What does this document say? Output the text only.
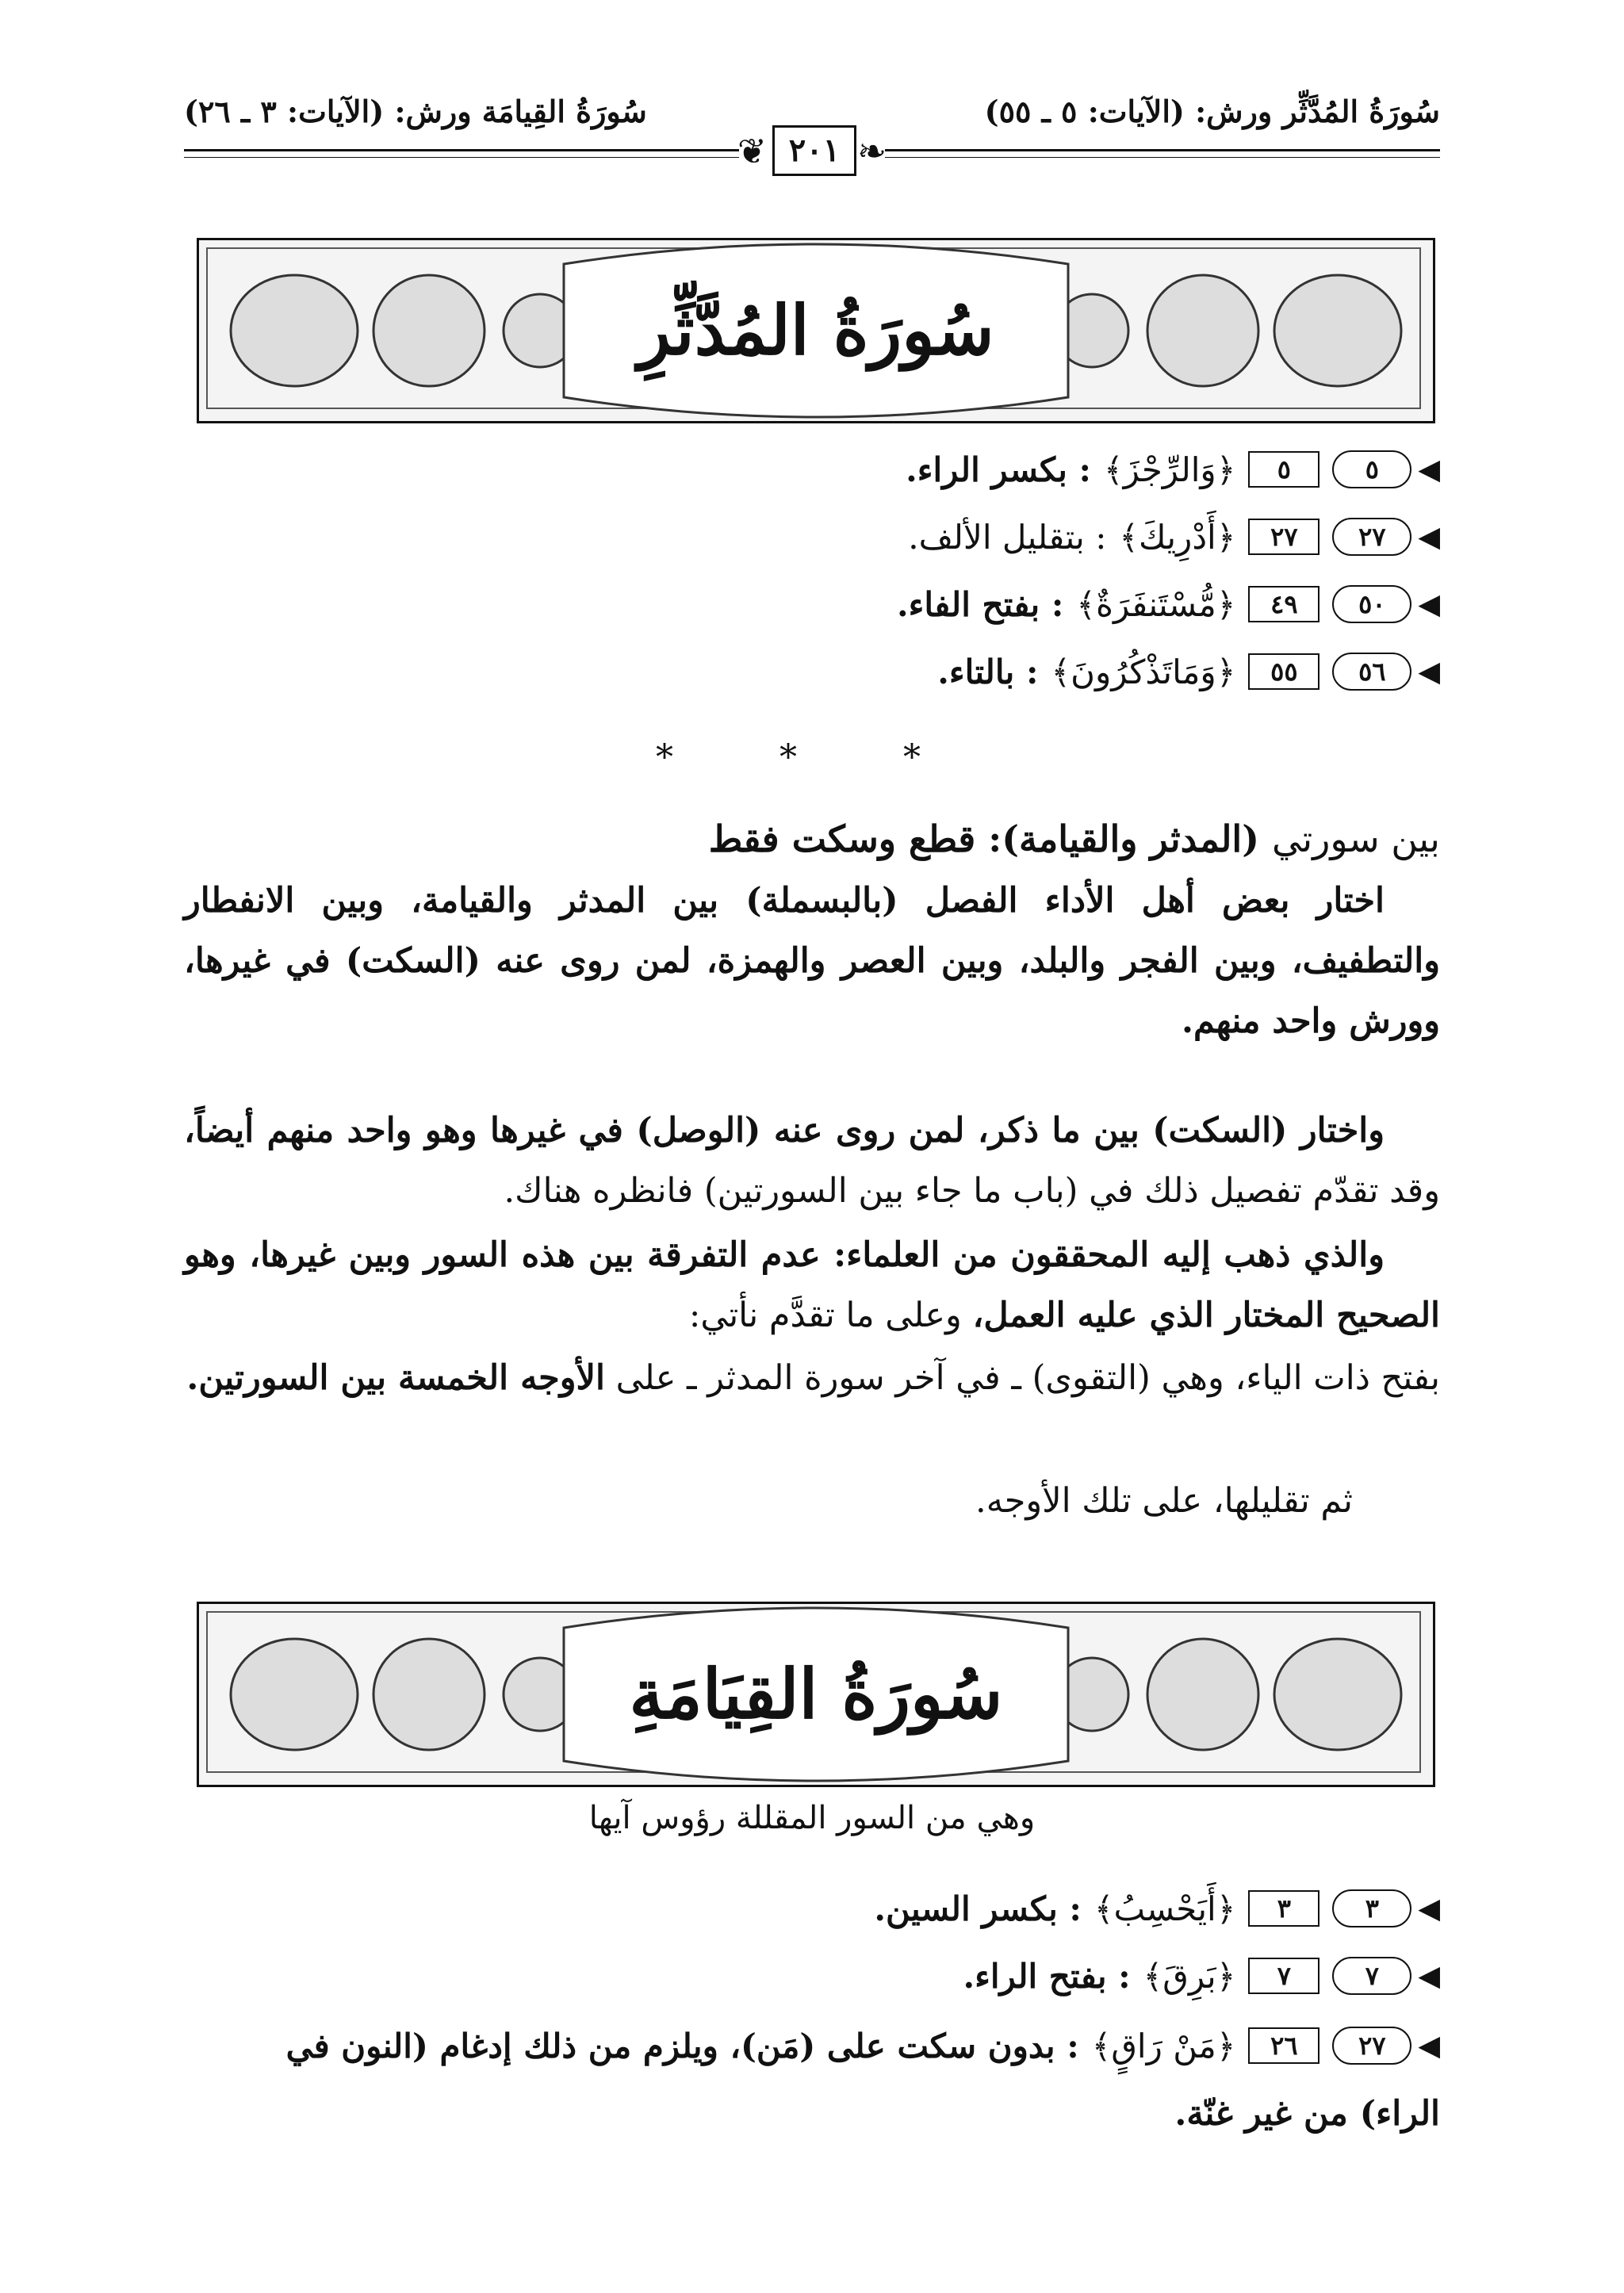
سُورَةُ المُدَّثِّر ورش: (الآيات: ٥ ـ ٥٥)
سُورَةُ القِيامَة ورش: (الآيات: ٣ ـ ٢٦)
❦ ٢٠١ ❧
سُورَةُ المُدَّثِّرِ
◀
٥
٥
﴿وَالرِّجْزَ﴾
: بكسر الراء.
◀
٢٧
٢٧
﴿أَدْرِيكَ﴾
: بتقليل الألف.
◀
٥٠
٤٩
﴿مُّسْتَنفَرَةٌ﴾
: بفتح الفاء.
◀
٥٦
٥٥
﴿وَمَاتَذْكُرُونَ﴾
: بالتاء.
* * *
بين سورتي (المدثر والقيامة): قطع وسكت فقط
اختار بعض أهل الأداء الفصل (بالبسملة) بين المدثر والقيامة، وبين الانفطار والتطفيف، وبين الفجر والبلد، وبين العصر والهمزة، لمن روى عنه (السكت) في غيرها، وورش واحد منهم.
واختار (السكت) بين ما ذكر، لمن روى عنه (الوصل) في غيرها وهو واحد منهم أيضاً، وقد تقدّم تفصيل ذلك في (باب ما جاء بين السورتين) فانظره هناك.
والذي ذهب إليه المحققون من العلماء: عدم التفرقة بين هذه السور وبين غيرها، وهو الصحيح المختار الذي عليه العمل، وعلى ما تقدَّم نأتي:
بفتح ذات الياء، وهي (التقوى) ـ في آخر سورة المدثر ـ على الأوجه الخمسة بين السورتين.
ثم تقليلها، على تلك الأوجه.
سُورَةُ القِيَامَةِ
وهي من السور المقللة رؤوس آيها
◀
٣
٣
﴿أَيَحْسِبُ﴾
: بكسر السين.
◀
٧
٧
﴿بَرِقَ﴾
: بفتح الراء.
◀
٢٧
٢٦
﴿مَنْ رَاقٍ﴾
: بدون سكت على (مَن)، ويلزم من ذلك إدغام (النون في
الراء) من غير غنّة.
